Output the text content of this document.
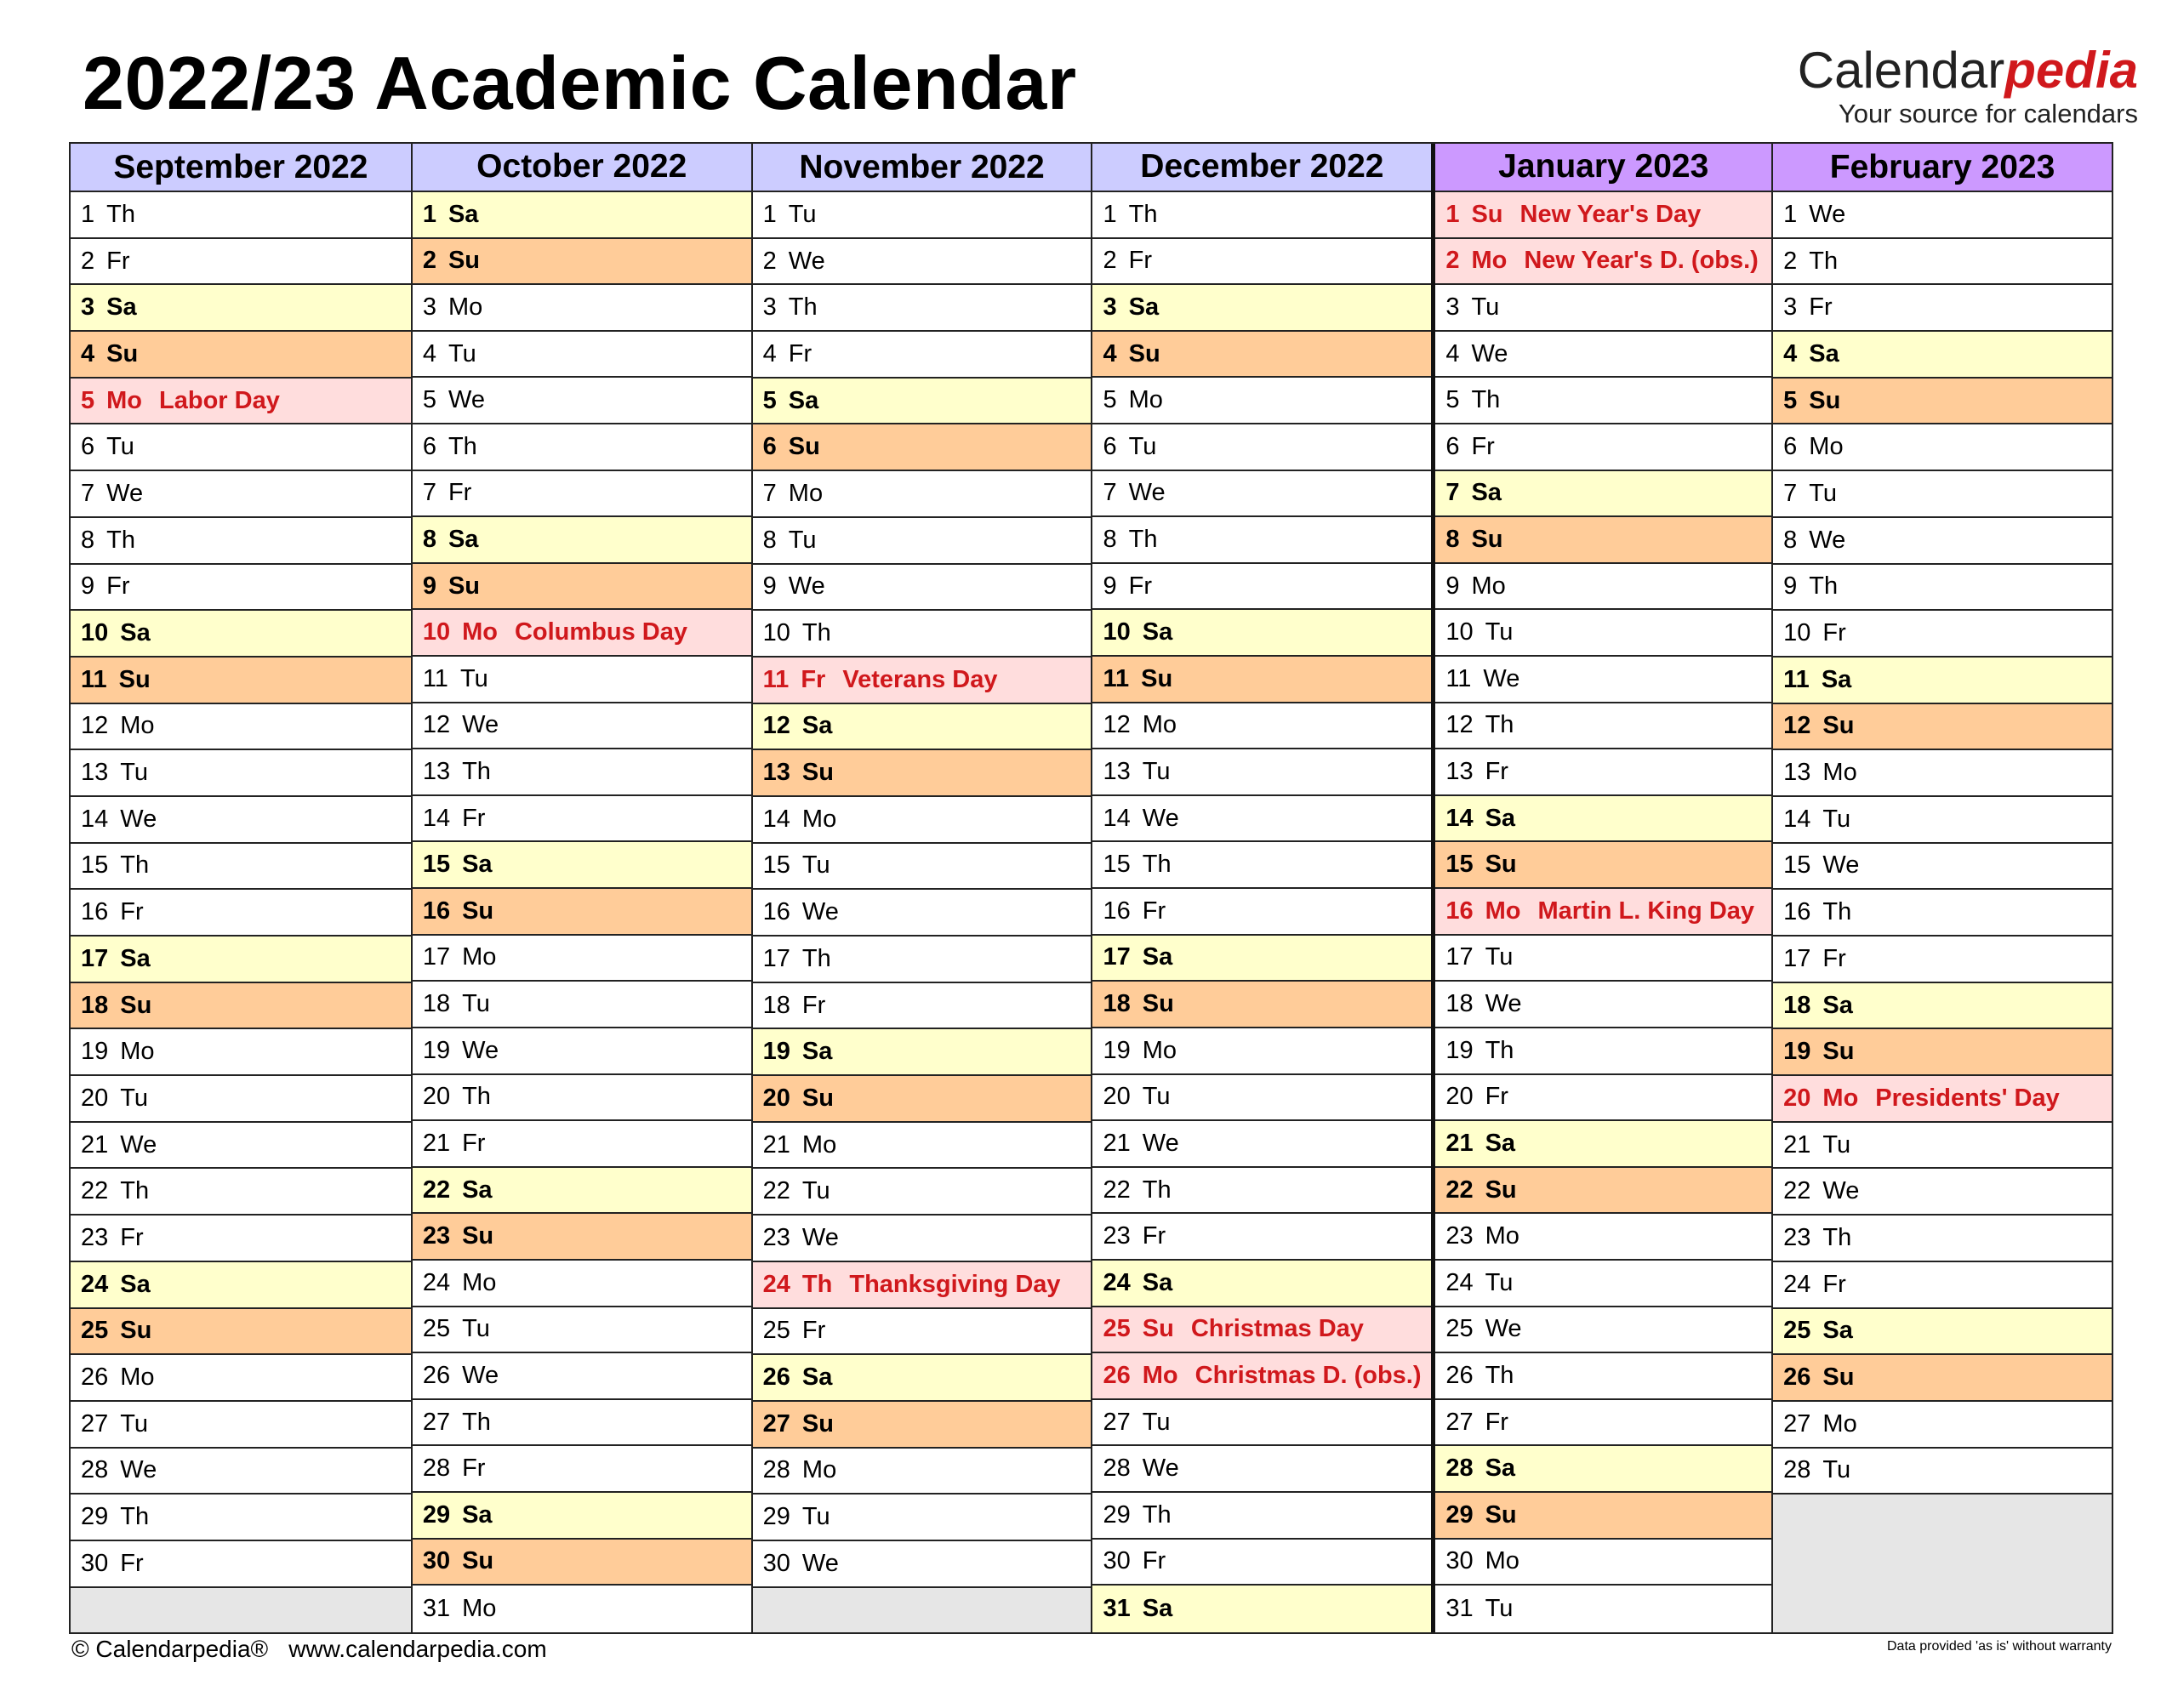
2022/23 Academic Calendar	Calendarpedia
Your source for calendars
September 2022
1 Th
2 Fr
3 Sa
4 Su
5 Mo Labor Day
6 Tu
7 We
8 Th
9 Fr
10 Sa
11 Su
12 Mo
13 Tu
14 We
15 Th
16 Fr
17 Sa
18 Su
19 Mo
20 Tu
21 We
22 Th
23 Fr
24 Sa
25 Su
26 Mo
27 Tu
28 We
29 Th
30 Fr
October 2022
1 Sa
2 Su
3 Mo
4 Tu
5 We
6 Th
7 Fr
8 Sa
9 Su
10 Mo Columbus Day
11 Tu
12 We
13 Th
14 Fr
15 Sa
16 Su
17 Mo
18 Tu
19 We
20 Th
21 Fr
22 Sa
23 Su
24 Mo
25 Tu
26 We
27 Th
28 Fr
29 Sa
30 Su
31 Mo
November 2022
1 Tu
2 We
3 Th
4 Fr
5 Sa
6 Su
7 Mo
8 Tu
9 We
10 Th
11 Fr Veterans Day
12 Sa
13 Su
14 Mo
15 Tu
16 We
17 Th
18 Fr
19 Sa
20 Su
21 Mo
22 Tu
23 We
24 Th Thanksgiving Day
25 Fr
26 Sa
27 Su
28 Mo
29 Tu
30 We
December 2022
1 Th
2 Fr
3 Sa
4 Su
5 Mo
6 Tu
7 We
8 Th
9 Fr
10 Sa
11 Su
12 Mo
13 Tu
14 We
15 Th
16 Fr
17 Sa
18 Su
19 Mo
20 Tu
21 We
22 Th
23 Fr
24 Sa
25 Su Christmas Day
26 Mo Christmas D. (obs.)
27 Tu
28 We
29 Th
30 Fr
31 Sa
January 2023
1 Su New Year's Day
2 Mo New Year's D. (obs.)
3 Tu
4 We
5 Th
6 Fr
7 Sa
8 Su
9 Mo
10 Tu
11 We
12 Th
13 Fr
14 Sa
15 Su
16 Mo Martin L. King Day
17 Tu
18 We
19 Th
20 Fr
21 Sa
22 Su
23 Mo
24 Tu
25 We
26 Th
27 Fr
28 Sa
29 Su
30 Mo
31 Tu
February 2023
1 We
2 Th
3 Fr
4 Sa
5 Su
6 Mo
7 Tu
8 We
9 Th
10 Fr
11 Sa
12 Su
13 Mo
14 Tu
15 We
16 Th
17 Fr
18 Sa
19 Su
20 Mo Presidents' Day
21 Tu
22 We
23 Th
24 Fr
25 Sa
26 Su
27 Mo
28 Tu
© Calendarpedia® www.calendarpedia.com	Data provided 'as is' without warranty
